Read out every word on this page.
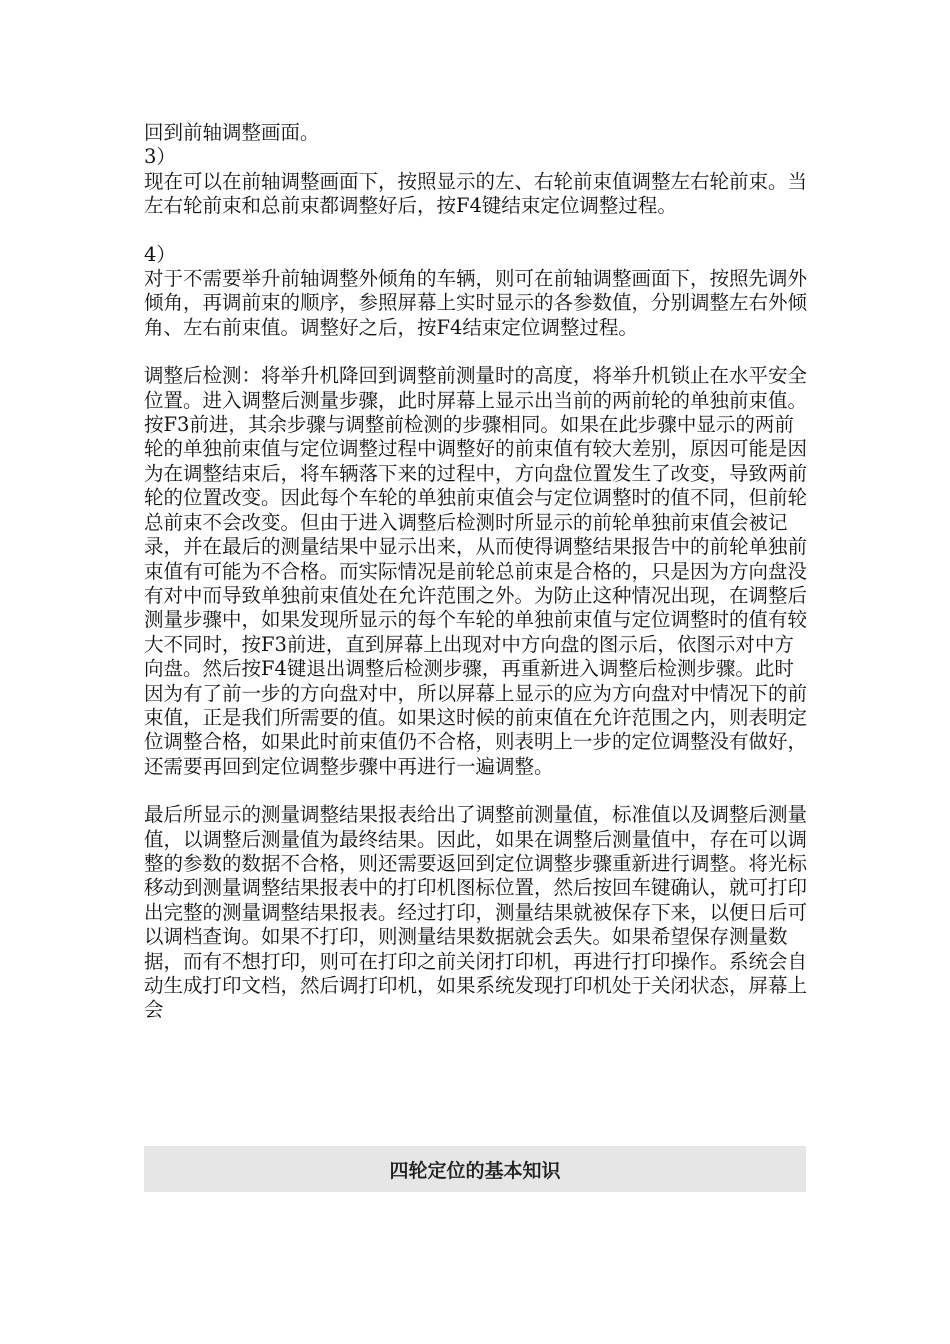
回到前轴调整画面。

3）

现在可以在前轴调整画面下，按照显示的左、右轮前束值调整左右轮前束。当左右轮前束和总前束都调整好后，按F4键结束定位调整过程。

4）

对于不需要举升前轴调整外倾角的车辆，则可在前轴调整画面下，按照先调外倾角，再调前束的顺序，参照屏幕上实时显示的各参数值，分别调整左右外倾角、左右前束值。调整好之后，按F4结束定位调整过程。

调整后检测：将举升机降回到调整前测量时的高度，将举升机锁止在水平安全位置。进入调整后测量步骤，此时屏幕上显示出当前的两前轮的单独前束值。按F3前进，其余步骤与调整前检测的步骤相同。如果在此步骤中显示的两前轮的单独前束值与定位调整过程中调整好的前束值有较大差别，原因可能是因为在调整结束后，将车辆落下来的过程中，方向盘位置发生了改变，导致两前轮的位置改变。因此每个车轮的单独前束值会与定位调整时的值不同，但前轮总前束不会改变。但由于进入调整后检测时所显示的前轮单独前束值会被记录，并在最后的测量结果中显示出来，从而使得调整结果报告中的前轮单独前束值有可能为不合格。而实际情况是前轮总前束是合格的，只是因为方向盘没有对中而导致单独前束值处在允许范围之外。为防止这种情况出现，在调整后测量步骤中，如果发现所显示的每个车轮的单独前束值与定位调整时的值有较大不同时，按F3前进，直到屏幕上出现对中方向盘的图示后，依图示对中方向盘。然后按F4键退出调整后检测步骤，再重新进入调整后检测步骤。此时因为有了前一步的方向盘对中，所以屏幕上显示的应为方向盘对中情况下的前束值，正是我们所需要的值。如果这时候的前束值在允许范围之内，则表明定位调整合格，如果此时前束值仍不合格，则表明上一步的定位调整没有做好，还需要再回到定位调整步骤中再进行一遍调整。

最后所显示的测量调整结果报表给出了调整前测量值，标准值以及调整后测量值，以调整后测量值为最终结果。因此，如果在调整后测量值中，存在可以调整的参数的数据不合格，则还需要返回到定位调整步骤重新进行调整。将光标移动到测量调整结果报表中的打印机图标位置，然后按回车键确认，就可打印出完整的测量调整结果报表。经过打印，测量结果就被保存下来，以便日后可以调档查询。如果不打印，则测量结果数据就会丢失。如果希望保存测量数据，而有不想打印，则可在打印之前关闭打印机，再进行打印操作。系统会自动生成打印文档，然后调打印机，如果系统发现打印机处于关闭状态，屏幕上会

四轮定位的基本知识
